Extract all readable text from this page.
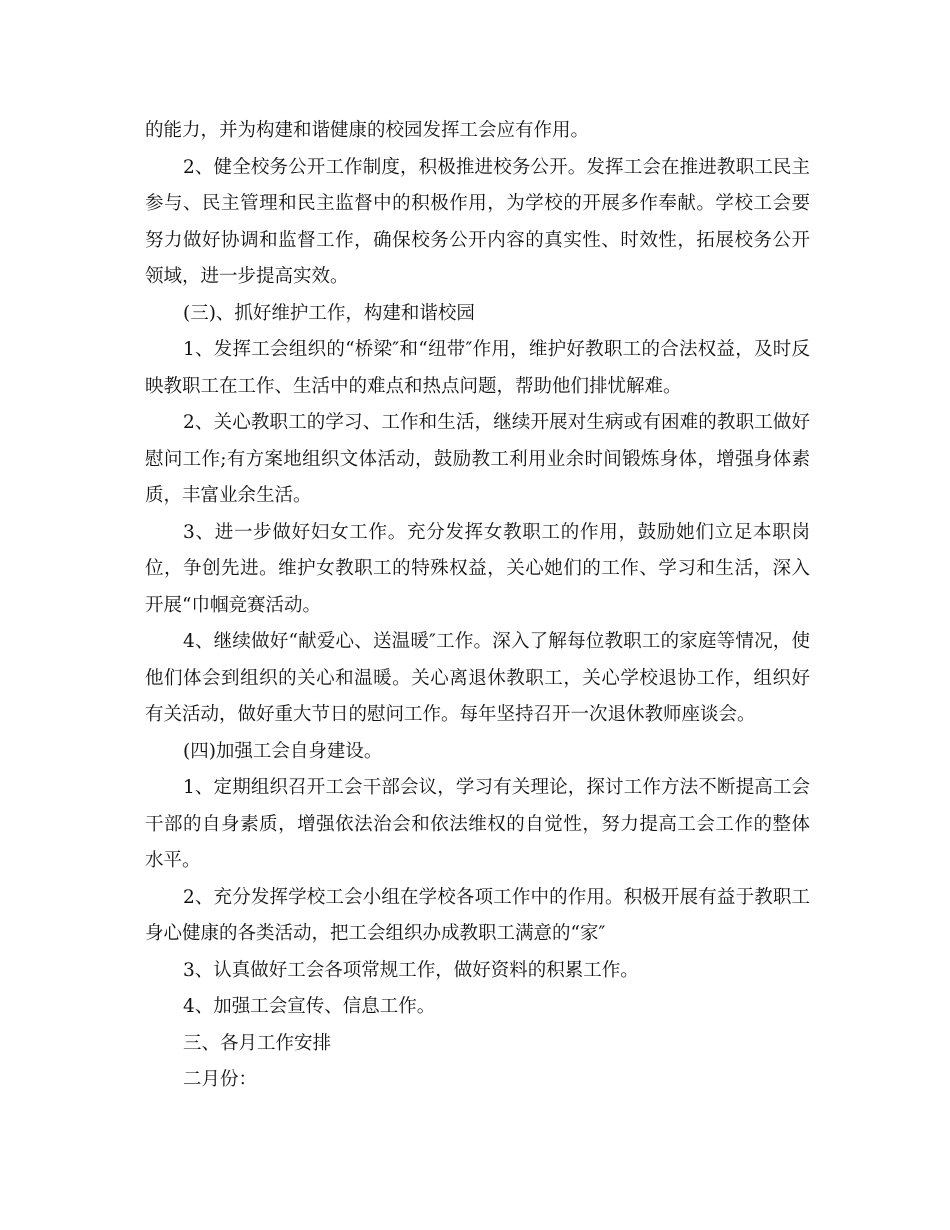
的能力，并为构建和谐健康的校园发挥工会应有作用。

2、健全校务公开工作制度，积极推进校务公开。发挥工会在推进教职工民主参与、民主管理和民主监督中的积极作用，为学校的开展多作奉献。学校工会要努力做好协调和监督工作，确保校务公开内容的真实性、时效性，拓展校务公开领域，进一步提高实效。

(三)、抓好维护工作，构建和谐校园

1、发挥工会组织的“桥梁″和“纽带″作用，维护好教职工的合法权益，及时反映教职工在工作、生活中的难点和热点问题，帮助他们排忧解难。

2、关心教职工的学习、工作和生活，继续开展对生病或有困难的教职工做好慰问工作;有方案地组织文体活动，鼓励教工利用业余时间锻炼身体，增强身体素质，丰富业余生活。

3、进一步做好妇女工作。充分发挥女教职工的作用，鼓励她们立足本职岗位，争创先进。维护女教职工的特殊权益，关心她们的工作、学习和生活，深入开展“巾帼竞赛活动。

4、继续做好“献爱心、送温暖″工作。深入了解每位教职工的家庭等情况，使他们体会到组织的关心和温暖。关心离退休教职工，关心学校退协工作，组织好有关活动，做好重大节日的慰问工作。每年坚持召开一次退休教师座谈会。

(四)加强工会自身建设。

1、定期组织召开工会干部会议，学习有关理论，探讨工作方法不断提高工会干部的自身素质，增强依法治会和依法维权的自觉性，努力提高工会工作的整体水平。

2、充分发挥学校工会小组在学校各项工作中的作用。积极开展有益于教职工身心健康的各类活动，把工会组织办成教职工满意的“家″

3、认真做好工会各项常规工作，做好资料的积累工作。

4、加强工会宣传、信息工作。

三、各月工作安排

二月份：
